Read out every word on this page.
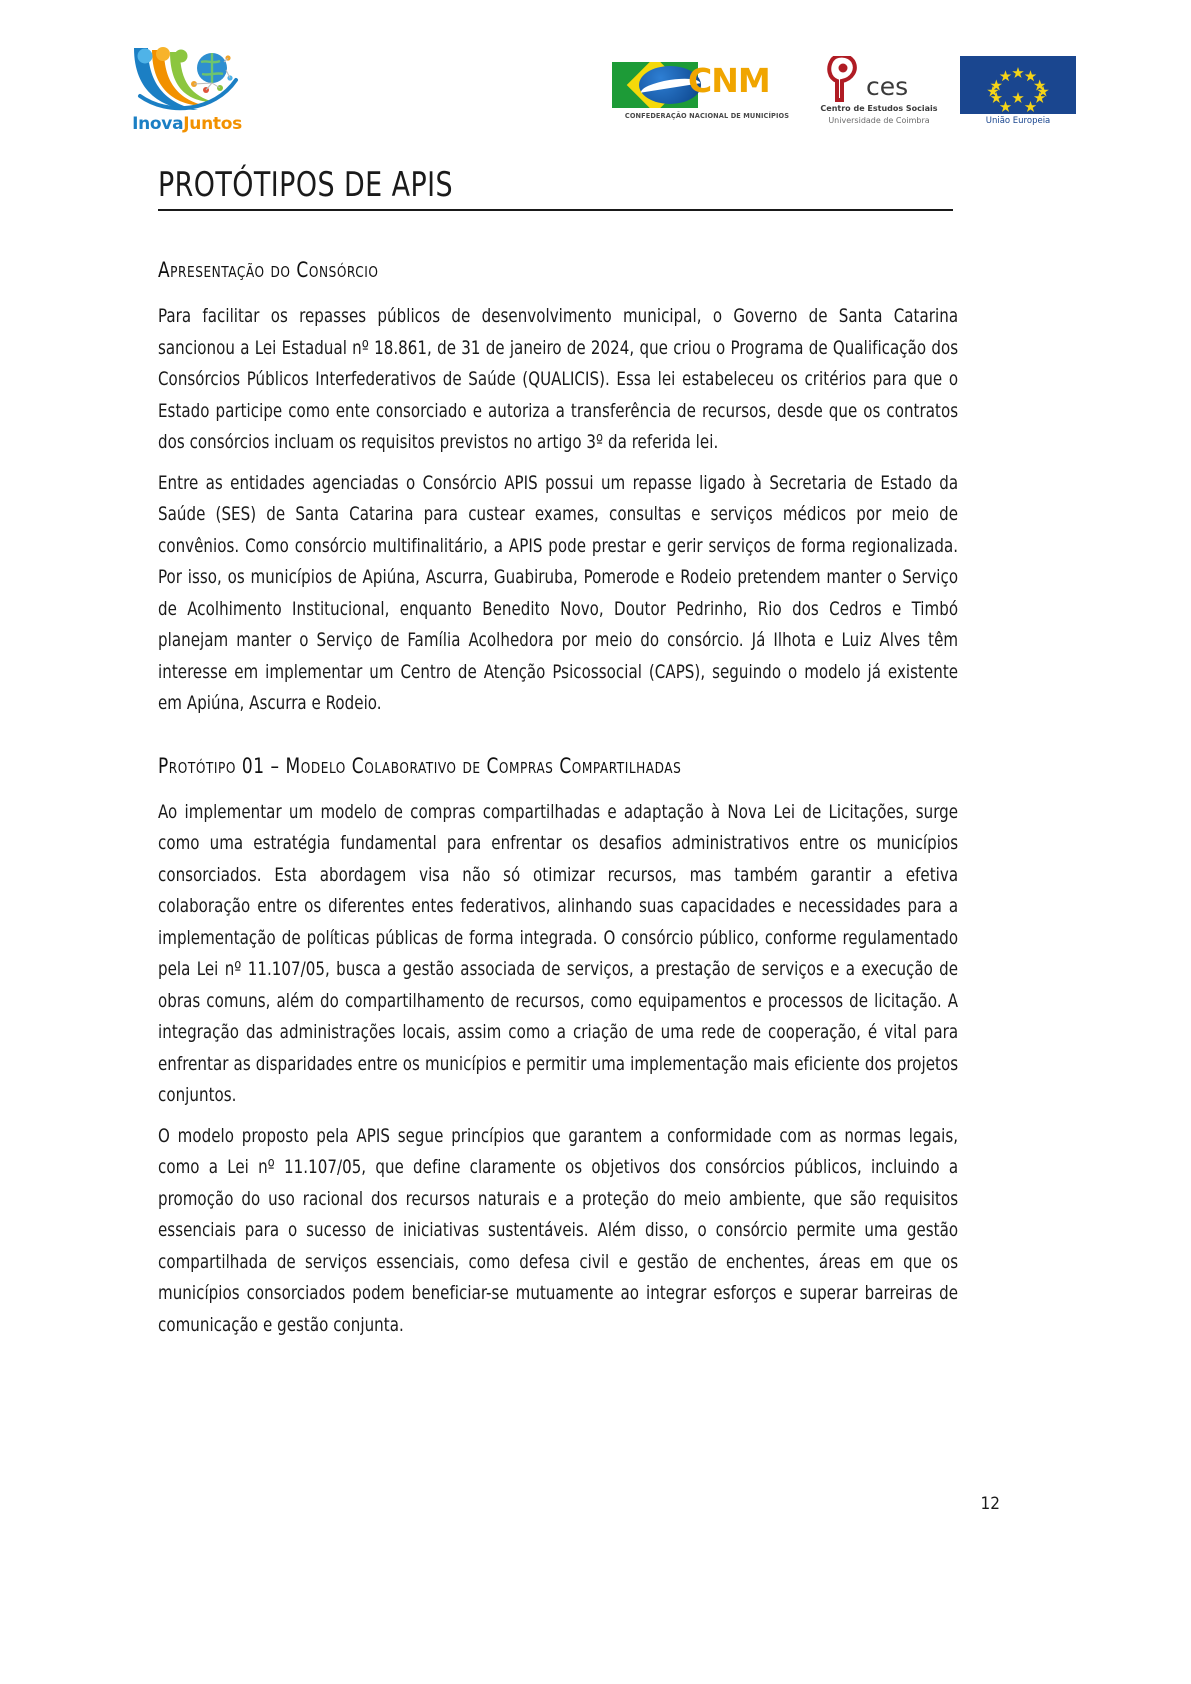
InovaJuntos
CNM
CONFEDERAÇÃO NACIONAL DE MUNICÍPIOS
ces
Centro de Estudos Sociais
Universidade de Coimbra	União Europeia
PROTÓTIPOS DE APIS
Apresentação do Consórcio

Para facilitar os repasses públicos de desenvolvimento municipal, o Governo de Santa Catarina sancionou a Lei Estadual nº 18.861, de 31 de janeiro de 2024, que criou o Programa de Qualificação dos Consórcios Públicos Interfederativos de Saúde (QUALICIS). Essa lei estabeleceu os critérios para que o Estado participe como ente consorciado e autoriza a transferência de recursos, desde que os contratos dos consórcios incluam os requisitos previstos no artigo 3º da referida lei.

Entre as entidades agenciadas o Consórcio APIS possui um repasse ligado à Secretaria de Estado da Saúde (SES) de Santa Catarina para custear exames, consultas e serviços médicos por meio de convênios. Como consórcio multifinalitário, a APIS pode prestar e gerir serviços de forma regionalizada. Por isso, os municípios de Apiúna, Ascurra, Guabiruba, Pomerode e Rodeio pretendem manter o Serviço de Acolhimento Institucional, enquanto Benedito Novo, Doutor Pedrinho, Rio dos Cedros e Timbó planejam manter o Serviço de Família Acolhedora por meio do consórcio. Já Ilhota e Luiz Alves têm interesse em implementar um Centro de Atenção Psicossocial (CAPS), seguindo o modelo já existente em Apiúna, Ascurra e Rodeio.

Protótipo 01 – Modelo Colaborativo de Compras Compartilhadas

Ao implementar um modelo de compras compartilhadas e adaptação à Nova Lei de Licitações, surge como uma estratégia fundamental para enfrentar os desafios administrativos entre os municípios consorciados. Esta abordagem visa não só otimizar recursos, mas também garantir a efetiva colaboração entre os diferentes entes federativos, alinhando suas capacidades e necessidades para a implementação de políticas públicas de forma integrada. O consórcio público, conforme regulamentado pela Lei nº 11.107/05, busca a gestão associada de serviços, a prestação de serviços e a execução de obras comuns, além do compartilhamento de recursos, como equipamentos e processos de licitação. A integração das administrações locais, assim como a criação de uma rede de cooperação, é vital para enfrentar as disparidades entre os municípios e permitir uma implementação mais eficiente dos projetos conjuntos.

O modelo proposto pela APIS segue princípios que garantem a conformidade com as normas legais, como a Lei nº 11.107/05, que define claramente os objetivos dos consórcios públicos, incluindo a promoção do uso racional dos recursos naturais e a proteção do meio ambiente, que são requisitos essenciais para o sucesso de iniciativas sustentáveis. Além disso, o consórcio permite uma gestão compartilhada de serviços essenciais, como defesa civil e gestão de enchentes, áreas em que os municípios consorciados podem beneficiar-se mutuamente ao integrar esforços e superar barreiras de comunicação e gestão conjunta.

12
